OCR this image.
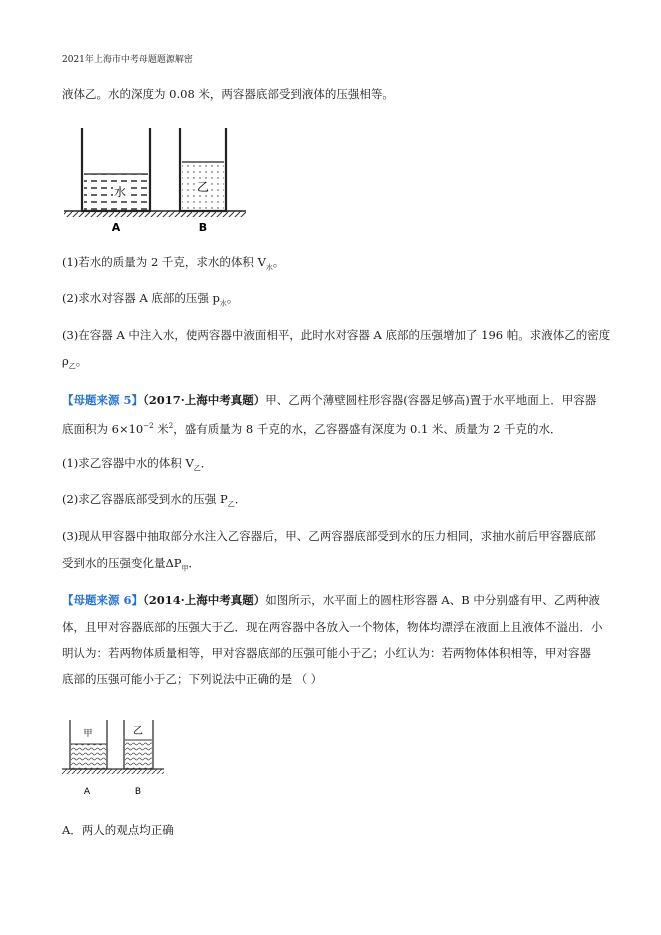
2021年上海市中考母题题源解密
液体乙。水的深度为 0.08 米，两容器底部受到液体的压强相等。
水	乙
A	B
(1)若水的质量为 2 千克，求水的体积 $V_水$。
(2)求水对容器 A 底部的压强 $p_水$。
(3)在容器 A 中注入水，使两容器中液面相平，此时水对容器 A 底部的压强增加了 196 帕。求液体乙的密度
$\rho_乙$。
【母题来源 5】（2017·上海中考真题）甲、乙两个薄壁圆柱形容器(容器足够高)置于水平地面上．甲容器
底面积为 $6\times 10^{-2}$ 米$^2$，盛有质量为 8 千克的水，乙容器盛有深度为 0.1 米、质量为 2 千克的水．
(1)求乙容器中水的体积 $V_乙$．
(2)求乙容器底部受到水的压强 $P_乙$．
(3)现从甲容器中抽取部分水注入乙容器后，甲、乙两容器底部受到水的压力相同，求抽水前后甲容器底部
受到水的压强变化量$\Delta P_甲$．
【母题来源 6】（2014·上海中考真题）如图所示，水平面上的圆柱形容器 A、B 中分别盛有甲、乙两种液
体，且甲对容器底部的压强大于乙．现在两容器中各放入一个物体，物体均漂浮在液面上且液体不溢出．小
明认为：若两物体质量相等，甲对容器底部的压强可能小于乙；小红认为：若两物体体积相等，甲对容器
底部的压强可能小于乙；下列说法中正确的是 （ ）
甲	乙
A	B
A．两人的观点均正确
